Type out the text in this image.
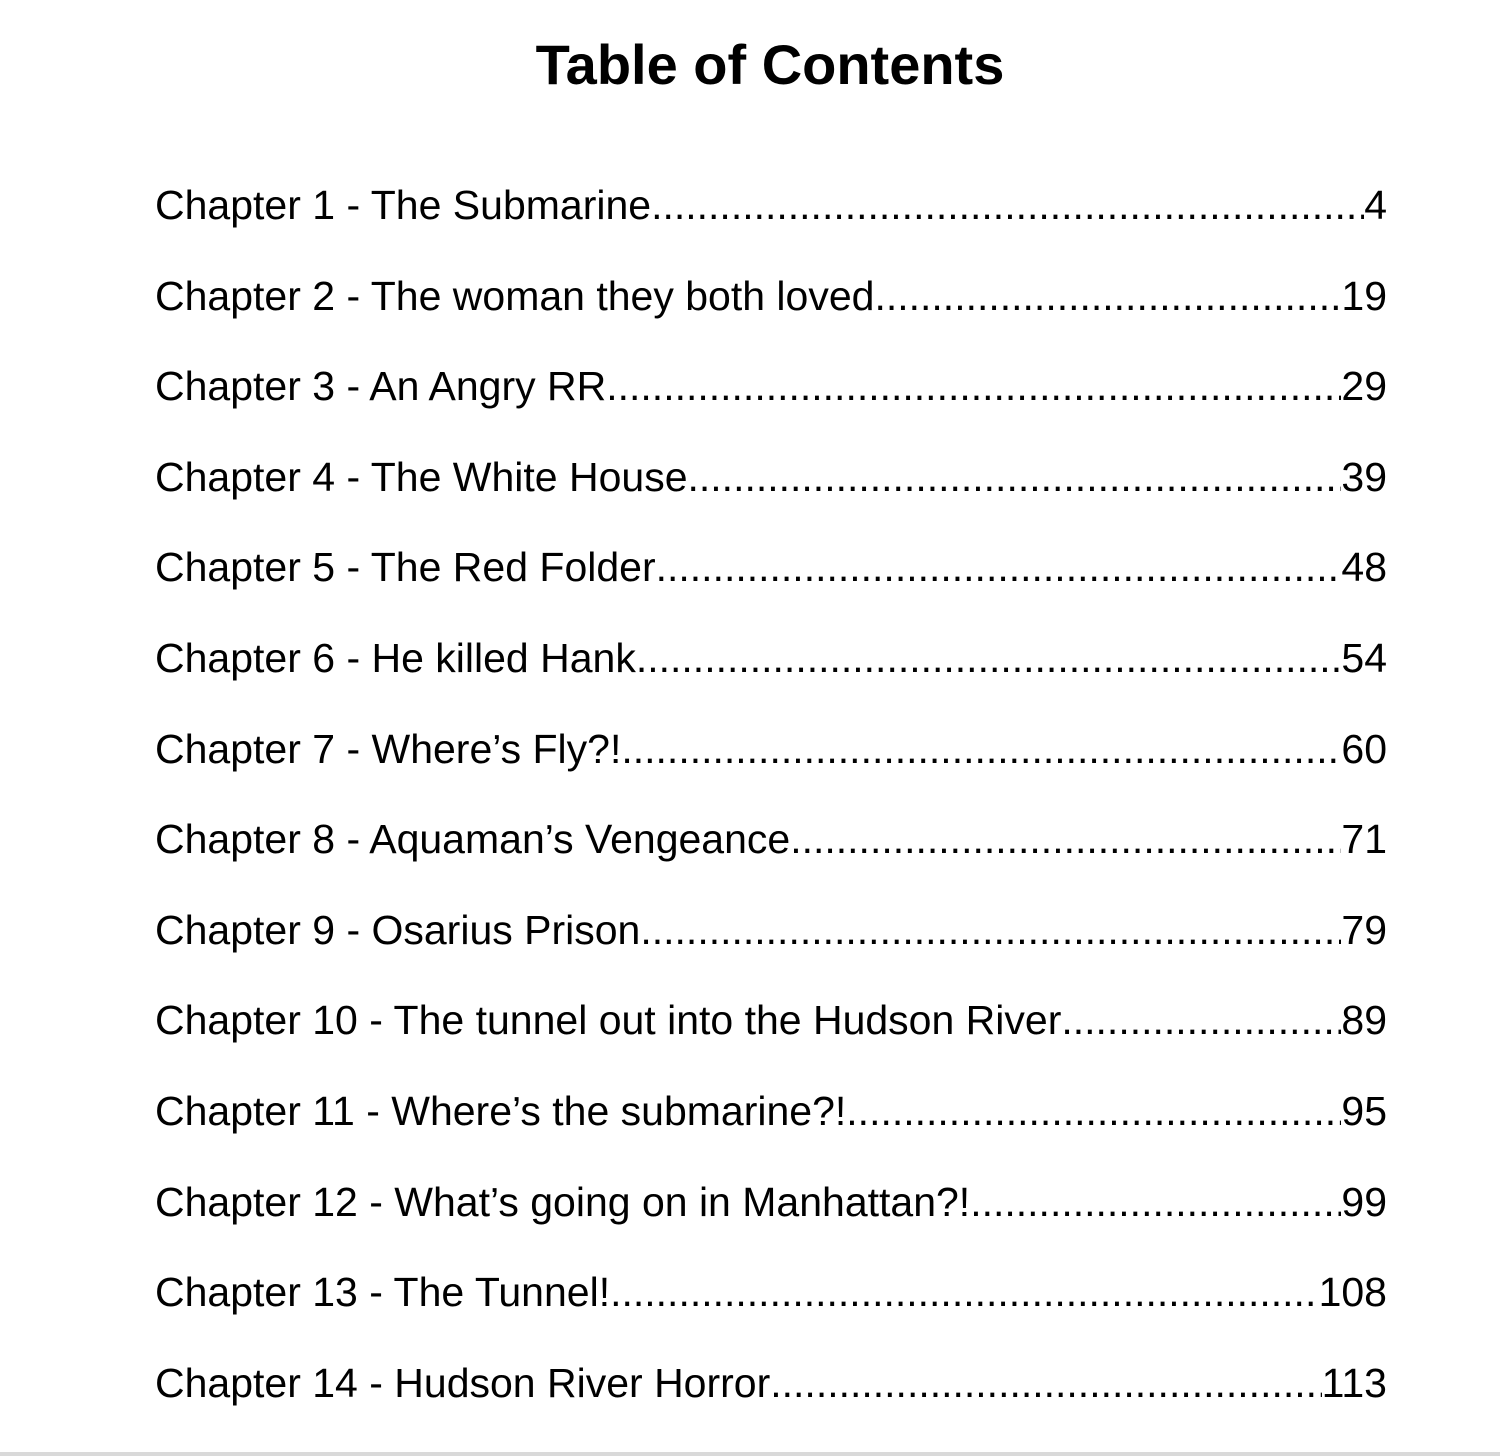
Table of Contents
Chapter 1 - The Submarine .....	4
Chapter 2 - The woman they both loved .....	19
Chapter 3 - An Angry RR .....	29
Chapter 4 - The White House .....	39
Chapter 5 - The Red Folder .....	48
Chapter 6 - He killed Hank .....	54
Chapter 7 - Where’s Fly?! .....	60
Chapter 8 - Aquaman’s Vengeance .....	71
Chapter 9 - Osarius Prison .....	79
Chapter 10 - The tunnel out into the Hudson River .....	89
Chapter 11 - Where’s the submarine?! .....	95
Chapter 12 - What’s going on in Manhattan?! .....	99
Chapter 13 - The Tunnel! .....	108
Chapter 14 - Hudson River Horror .....	113
